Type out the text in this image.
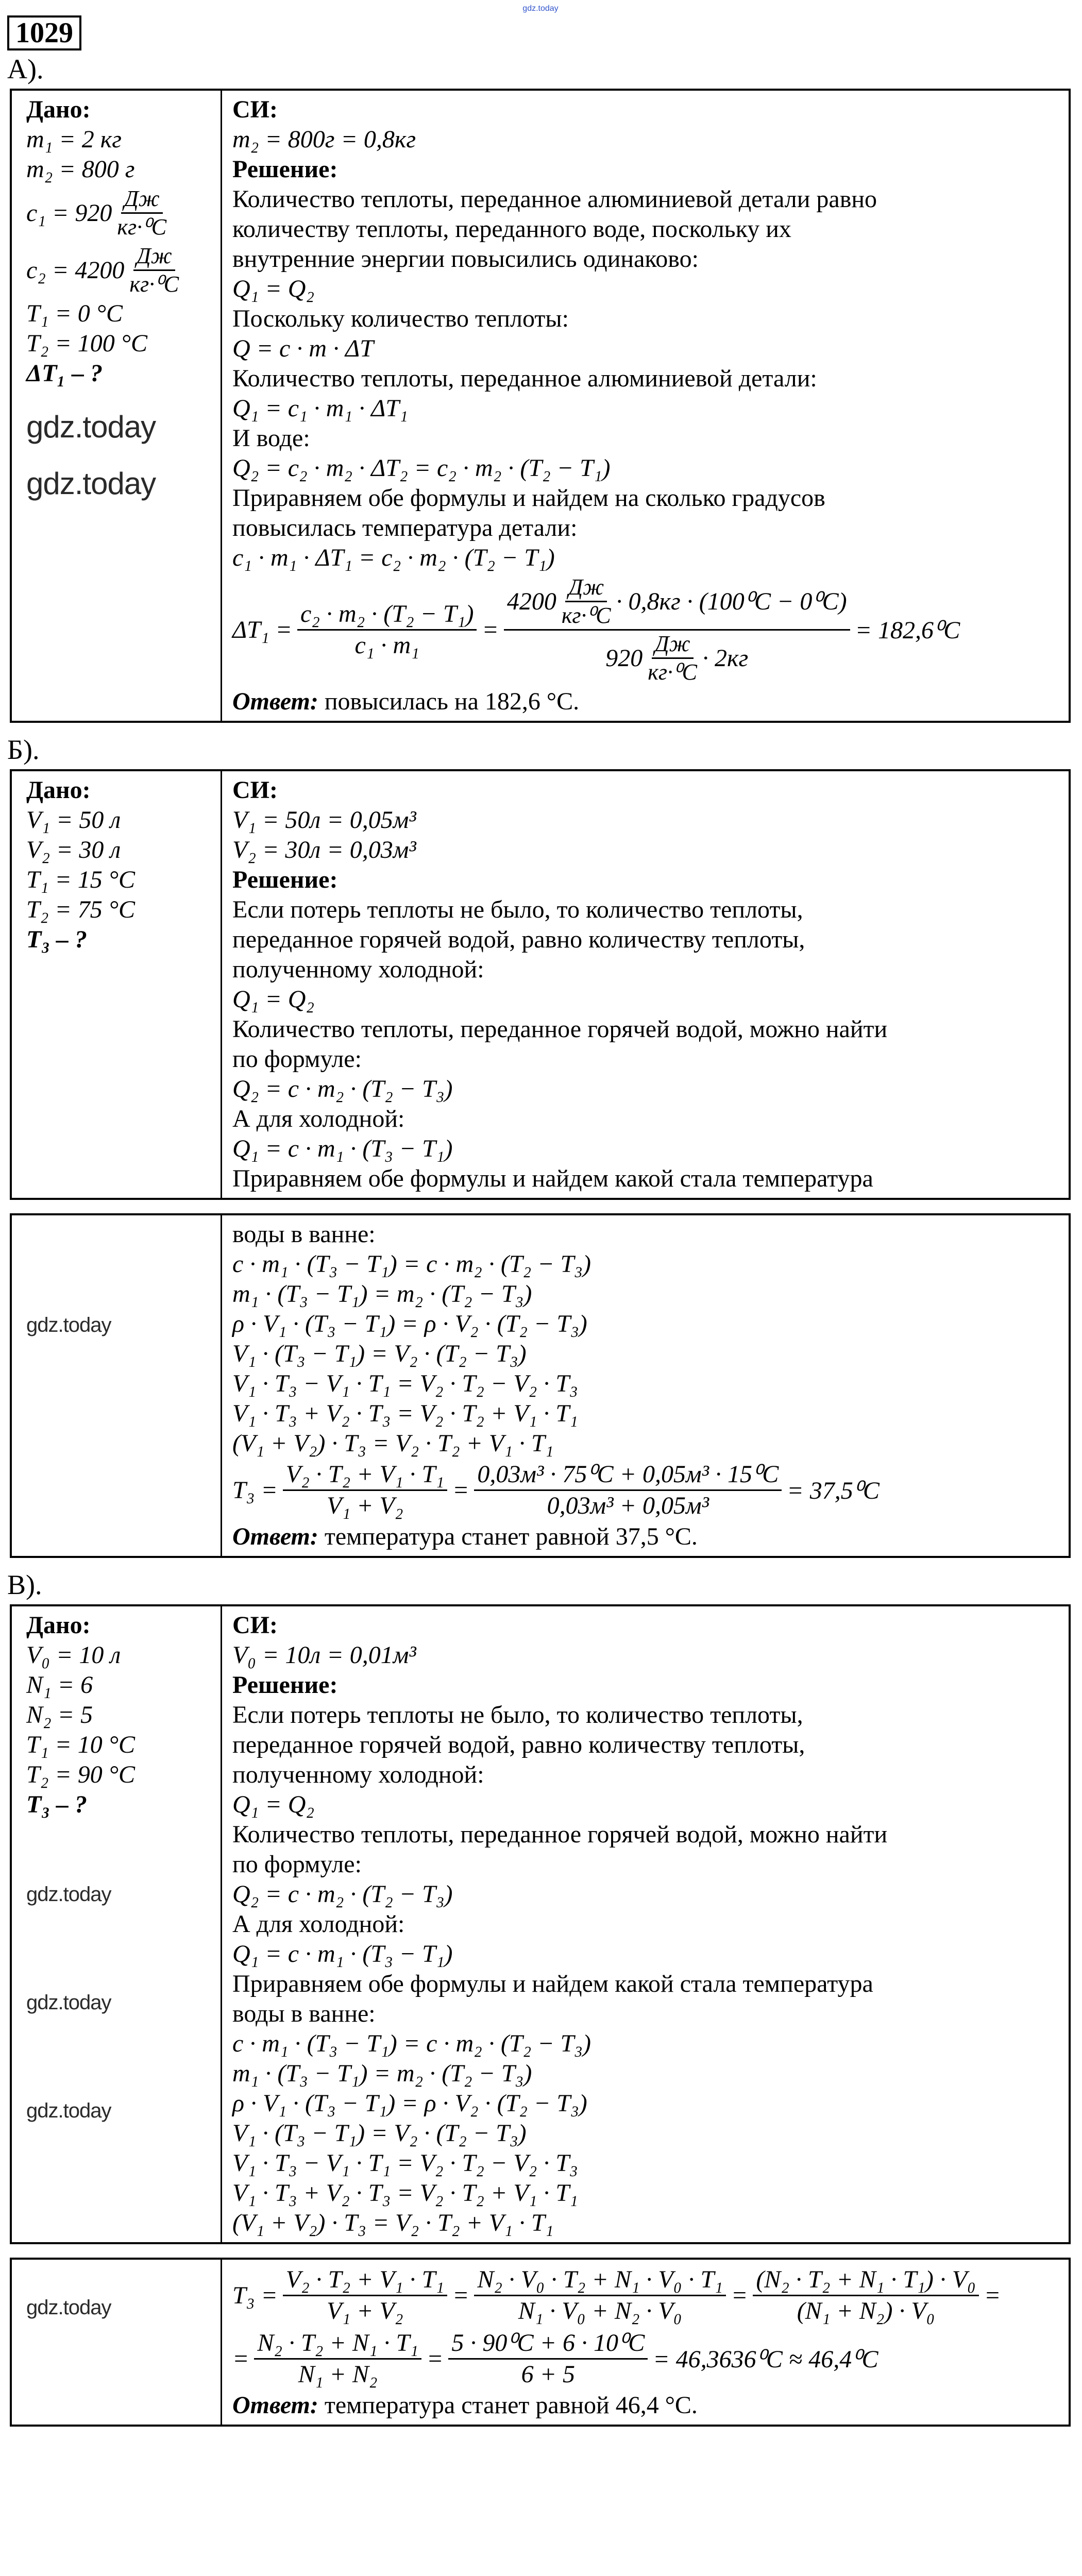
gdz.today
1029
А).
Дано:
m₁ = 2 кг
m₂ = 800 г
$c_1 = 920 \frac{Дж}{\text{кг·⁰C}}$
$c_2 = 4200 \frac{Дж}{\text{кг·⁰C}}$
T₁ = 0 °C
T₂ = 100 °C
ΔT₁ – ?
gdz.today
gdz.today
СИ:
m₂ = 800г = 0,8кг
Решение:
Количество теплоты, переданное алюминиевой детали равно
количеству теплоты, переданного воде, поскольку их
внутренние энергии повысились одинаково:
Q₁ = Q₂
Поскольку количество теплоты:
Q = c · m · ΔT
Количество теплоты, переданное алюминиевой детали:
Q₁ = c₁ · m₁ · ΔT₁
И воде:
Q₂ = c₂ · m₂ · ΔT₂ = c₂ · m₂ · (T₂ − T₁)
Приравняем обе формулы и найдем на сколько градусов
повысилась температура детали:
c₁ · m₁ · ΔT₁ = c₂ · m₂ · (T₂ − T₁)
$\Delta T_1 = \frac{\text{c₂ · m₂ · (T₂ − T₁)}}{\text{c₁ · m₁}} = \frac{4200 \frac{Дж}{\text{кг·⁰C}} \cdot 0,8кг \cdot (100^0C - 0^0C)}{920 \frac{Дж}{\text{кг·⁰C}} \cdot 2кг} = 182,6^0C$
Ответ: повысилась на 182,6 °C.
Б).
Дано:
V₁ = 50 л
V₂ = 30 л
T₁ = 15 °C
T₂ = 75 °C
T₃ – ?
СИ:
V₁ = 50л = 0,05м³
V₂ = 30л = 0,03м³
Решение:
Если потерь теплоты не было, то количество теплоты,
переданное горячей водой, равно количеству теплоты,
полученному холодной:
Q₁ = Q₂
Количество теплоты, переданное горячей водой, можно найти
по формуле:
Q₂ = c · m₂ · (T₂ − T₃)
А для холодной:
Q₁ = c · m₁ · (T₃ − T₁)
Приравняем обе формулы и найдем какой стала температура
gdz.today
воды в ванне:
c · m₁ · (T₃ − T₁) = c · m₂ · (T₂ − T₃)
m₁ · (T₃ − T₁) = m₂ · (T₂ − T₃)
ρ · V₁ · (T₃ − T₁) = ρ · V₂ · (T₂ − T₃)
V₁ · (T₃ − T₁) = V₂ · (T₂ − T₃)
V₁ · T₃ − V₁ · T₁ = V₂ · T₂ − V₂ · T₃
V₁ · T₃ + V₂ · T₃ = V₂ · T₂ + V₁ · T₁
(V₁ + V₂) · T₃ = V₂ · T₂ + V₁ · T₁
$T_3 = \frac{\text{V₂ · T₂ + V₁ · T₁}}{\text{V₁ + V₂}} = \frac{\text{0,03м³ · 75⁰C + 0,05м³ · 15⁰C}}{\text{0,03м³ + 0,05м³}} = 37,5^0C$
Ответ: температура станет равной 37,5 °C.
В).
Дано:
V₀ = 10 л
N₁ = 6
N₂ = 5
T₁ = 10 °C
T₂ = 90 °C
T₃ – ?
gdz.today
gdz.today
gdz.today
СИ:
V₀ = 10л = 0,01м³
Решение:
Если потерь теплоты не было, то количество теплоты,
переданное горячей водой, равно количеству теплоты,
полученному холодной:
Q₁ = Q₂
Количество теплоты, переданное горячей водой, можно найти
по формуле:
Q₂ = c · m₂ · (T₂ − T₃)
А для холодной:
Q₁ = c · m₁ · (T₃ − T₁)
Приравняем обе формулы и найдем какой стала температура
воды в ванне:
c · m₁ · (T₃ − T₁) = c · m₂ · (T₂ − T₃)
m₁ · (T₃ − T₁) = m₂ · (T₂ − T₃)
ρ · V₁ · (T₃ − T₁) = ρ · V₂ · (T₂ − T₃)
V₁ · (T₃ − T₁) = V₂ · (T₂ − T₃)
V₁ · T₃ − V₁ · T₁ = V₂ · T₂ − V₂ · T₃
V₁ · T₃ + V₂ · T₃ = V₂ · T₂ + V₁ · T₁
(V₁ + V₂) · T₃ = V₂ · T₂ + V₁ · T₁
gdz.today	$T_3 = \frac{\text{V₂ · T₂ + V₁ · T₁}}{\text{V₁ + V₂}} = \frac{\text{N₂ · V₀ · T₂ + N₁ · V₀ · T₁}}{\text{N₁ · V₀ + N₂ · V₀}} = \frac{\text{(N₂ · T₂ + N₁ · T₁) · V₀}}{\text{(N₁ + N₂) · V₀}}$ =
= $\frac{\text{N₂ · T₂ + N₁ · T₁}}{\text{N₁ + N₂}} = \frac{\text{5 · 90⁰C + 6 · 10⁰C}}{6 + 5} = 46,3636^0C \approx 46,4^0C$
Ответ: температура станет равной 46,4 °C.
